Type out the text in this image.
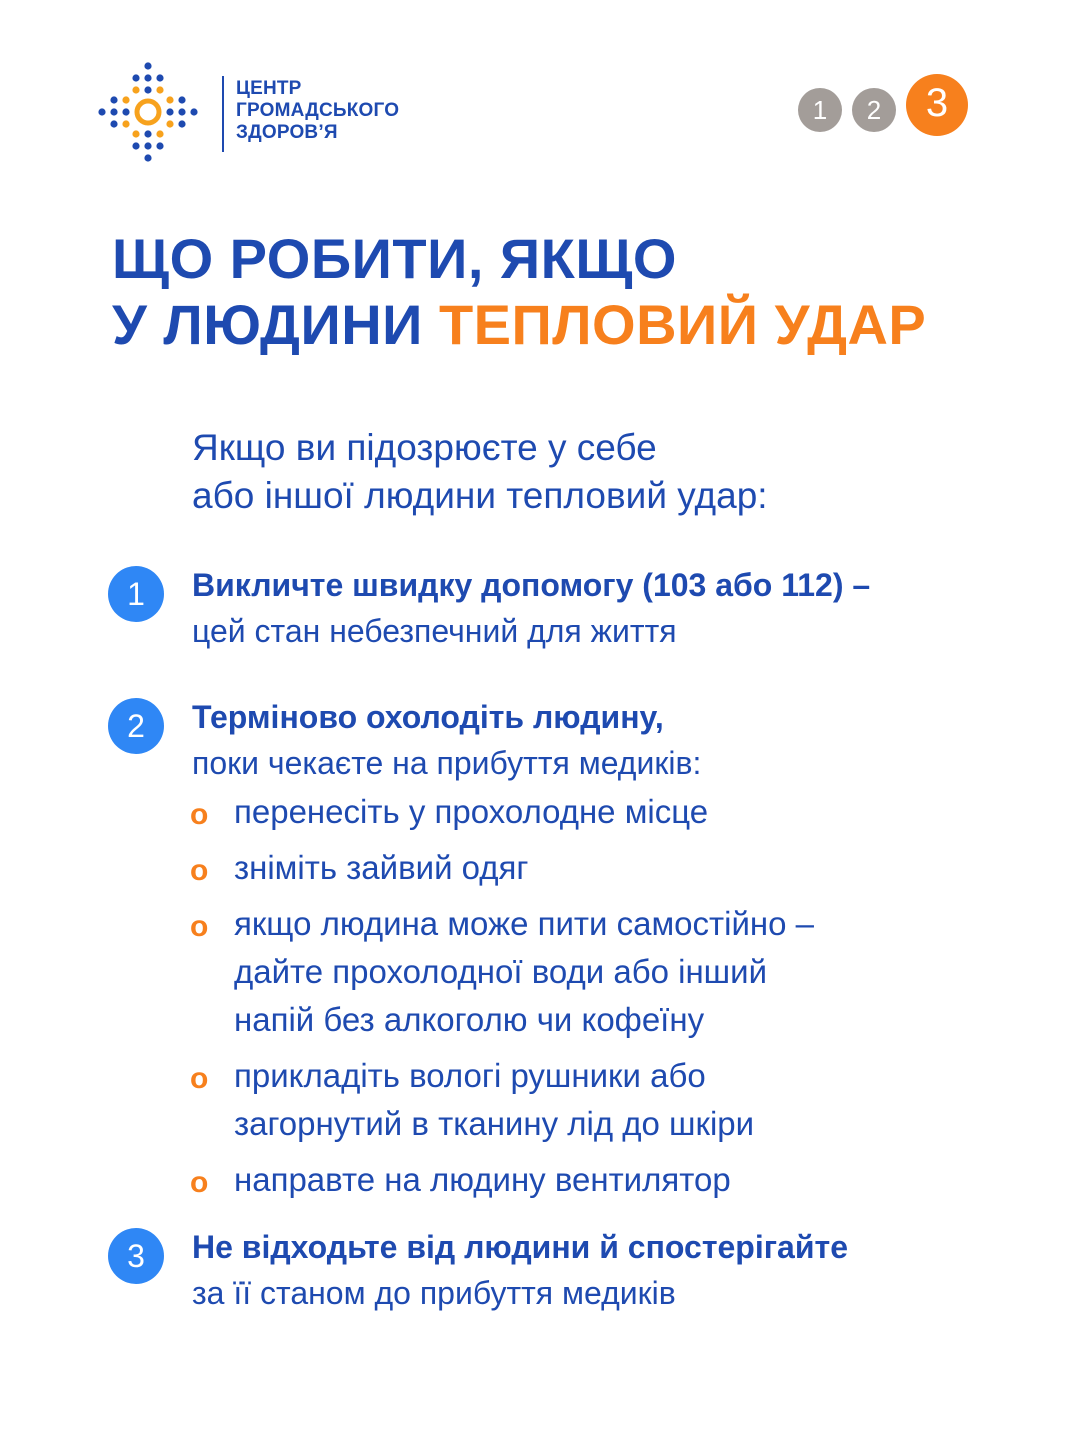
ЦЕНТР
ГРОМАДСЬКОГО
ЗДОРОВ’Я
1	2	3
ЩО РОБИТИ, ЯКЩО
У ЛЮДИНИ ТЕПЛОВИЙ УДАР
Якщо ви підозрюєте у себе
або іншої людини тепловий удар:
1	Викличте швидку допомогу (103 або 112) –
цей стан небезпечний для життя
2	Терміново охолодіть людину,
поки чекаєте на прибуття медиків:
o перенесіть у прохолодне місце
o зніміть зайвий одяг
o якщо людина може пити самостійно –
дайте прохолодної води або інший
напій без алкоголю чи кофеїну
o прикладіть вологі рушники або
загорнутий в тканину лід до шкіри
o направте на людину вентилятор
3	Не відходьте від людини й спостерігайте
за її станом до прибуття медиків
